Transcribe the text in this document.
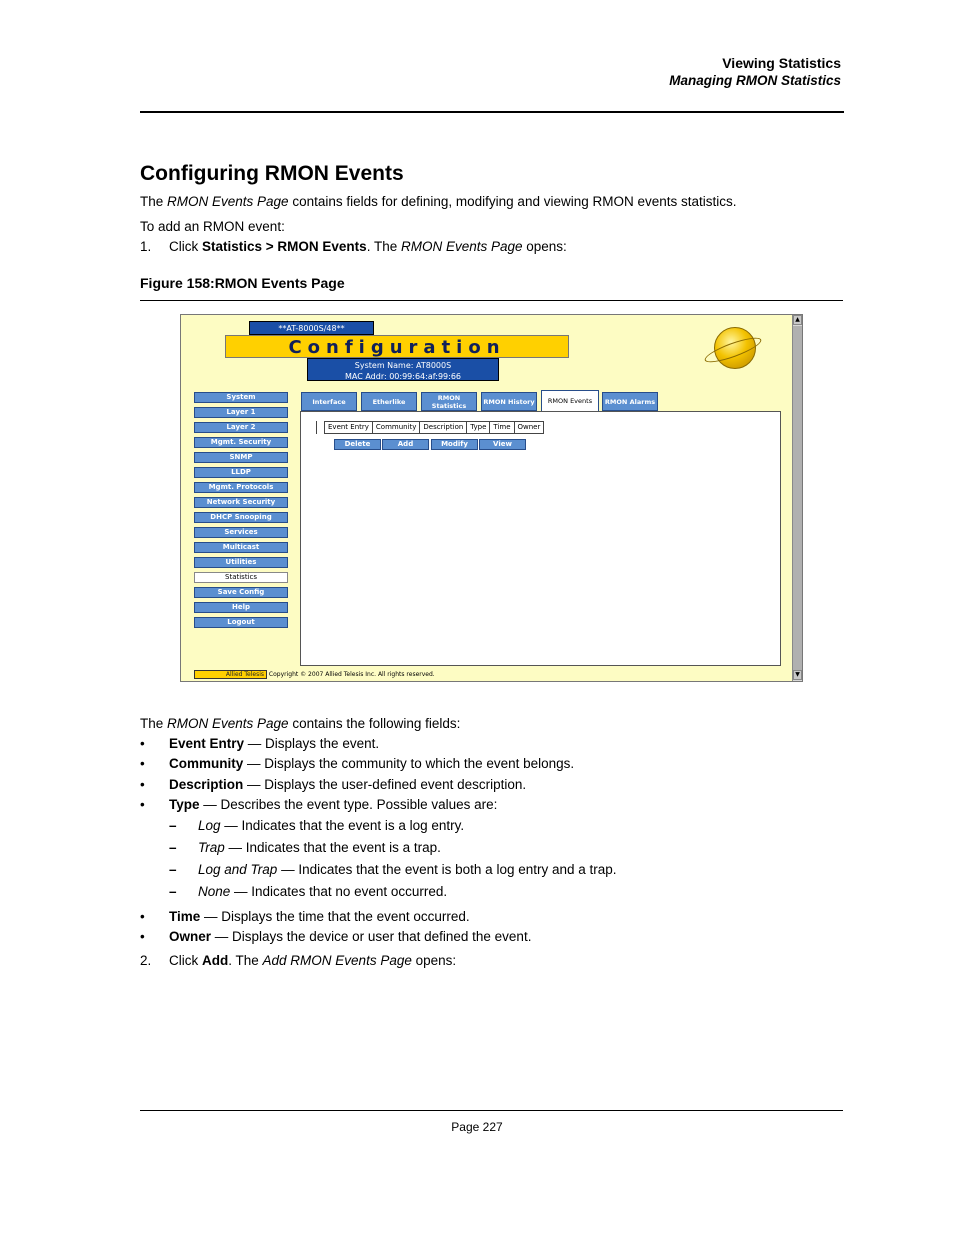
Viewing Statistics
Managing RMON Statistics
Configuring RMON Events
The RMON Events Page contains fields for defining, modifying and viewing RMON events statistics.
To add an RMON event:
1. Click Statistics > RMON Events. The RMON Events Page opens:
Figure 158:RMON Events Page
**AT-8000S/48**
Configuration
System Name: AT8000S
MAC Addr: 00:99:64:af:99:66
System
Layer 1
Layer 2
Mgmt. Security
SNMP
LLDP
Mgmt. Protocols
Network Security
DHCP Snooping
Services
Multicast
Utilities
Statistics
Save Config
Help
Logout
Interface	Etherlike	RMON Statistics	RMON History RMON Events RMON Alarms
Event Entry	Community	Description	Type	Time	Owner
Delete	Add	Modify	View
Allied Telesis Copyright © 2007 Allied Telesis Inc. All rights reserved.
▲
▼
The RMON Events Page contains the following fields:
• Event Entry — Displays the event.
• Community — Displays the community to which the event belongs.
• Description — Displays the user-defined event description.
• Type — Describes the event type. Possible values are:
– Log — Indicates that the event is a log entry.
– Trap — Indicates that the event is a trap.
– Log and Trap — Indicates that the event is both a log entry and a trap.
– None — Indicates that no event occurred.
• Time — Displays the time that the event occurred.
• Owner — Displays the device or user that defined the event.
2. Click Add. The Add RMON Events Page opens:
Page 227
